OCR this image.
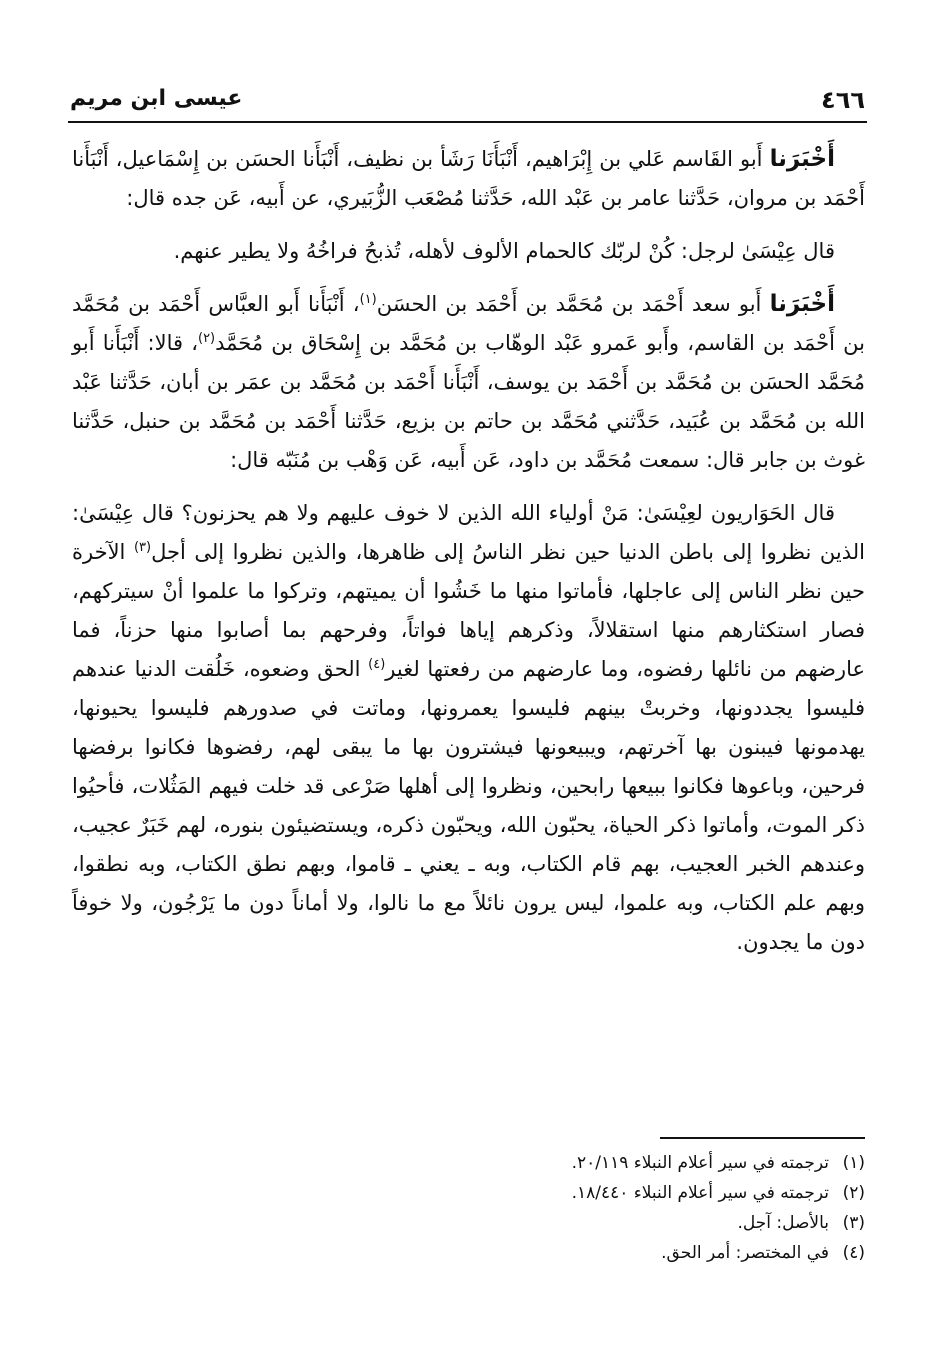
٤٦٦
عيسى ابن مريم

أَخْبَرَنا أَبو القَاسم عَلي بن إِبْرَاهيم، أَنْبَأَنَا رَشَأ بن نظيف، أَنْبَأَنا الحسَن بن إِسْمَاعيل، أَنْبَأَنا أَحْمَد بن مروان، حَدَّثنا عامر بن عَبْد الله، حَدَّثنا مُصْعَب الزُّبَيري، عن أَبيه، عَن جده قال:

قال عِيْسَىٰ لرجل: كُنْ لربّك كالحمام الألوف لأهله، تُذبحُ فراخُهُ ولا يطير عنهم.

أَخْبَرَنا أَبو سعد أَحْمَد بن مُحَمَّد بن أَحْمَد بن الحسَن$^{(١)}$، أَنْبَأَنا أَبو العبَّاس أَحْمَد بن مُحَمَّد بن أَحْمَد بن القاسم، وأَبو عَمرو عَبْد الوهّاب بن مُحَمَّد بن إِسْحَاق بن مُحَمَّد$^{(٢)}$، قالا: أَنْبَأَنا أَبو مُحَمَّد الحسَن بن مُحَمَّد بن أَحْمَد بن يوسف، أَنْبَأَنا أَحْمَد بن مُحَمَّد بن عمَر بن أبان، حَدَّثنا عَبْد الله بن مُحَمَّد بن عُبَيد، حَدَّثني مُحَمَّد بن حاتم بن بزيع، حَدَّثنا أَحْمَد بن مُحَمَّد بن حنبل، حَدَّثنا غوث بن جابر قال: سمعت مُحَمَّد بن داود، عَن أَبيه، عَن وَهْب بن مُنَبّه قال:

قال الحَوَاريون لعِيْسَىٰ: مَنْ أولياء الله الذين لا خوف عليهم ولا هم يحزنون؟ قال عِيْسَىٰ: الذين نظروا إلى باطن الدنيا حين نظر الناسُ إلى ظاهرها، والذين نظروا إلى أجل$^{(٣)}$ الآخرة حين نظر الناس إلى عاجلها، فأماتوا منها ما خَشُوا أن يميتهم، وتركوا ما علموا أنْ سيتركهم، فصار استكثارهم منها استقلالاً، وذكرهم إياها فواتاً، وفرحهم بما أصابوا منها حزناً، فما عارضهم من نائلها رفضوه، وما عارضهم من رفعتها لغير$^{(٤)}$ الحق وضعوه، خَلُقت الدنيا عندهم فليسوا يجددونها، وخربتْ بينهم فليسوا يعمرونها، وماتت في صدورهم فليسوا يحيونها، يهدمونها فيبنون بها آخرتهم، ويبيعونها فيشترون بها ما يبقى لهم، رفضوها فكانوا برفضها فرحين، وباعوها فكانوا ببيعها رابحين، ونظروا إلى أهلها صَرْعى قد خلت فيهم المَثُلات، فأحيُوا ذكر الموت، وأماتوا ذكر الحياة، يحبّون الله، ويحبّون ذكره، ويستضيئون بنوره، لهم خَبَرٌ عجيب، وعندهم الخبر العجيب، بهم قام الكتاب، وبه ـ يعني ـ قاموا، وبهم نطق الكتاب، وبه نطقوا، وبهم علم الكتاب، وبه علموا، ليس يرون نائلاً مع ما نالوا، ولا أماناً دون ما يَرْجُون، ولا خوفاً دون ما يجدون.

(١)
ترجمته في سير أعلام النبلاء ٢٠/١١٩.
(٢)
ترجمته في سير أعلام النبلاء ١٨/٤٤٠.
(٣)
بالأصل: آجل.
(٤)
في المختصر: أمر الحق.
